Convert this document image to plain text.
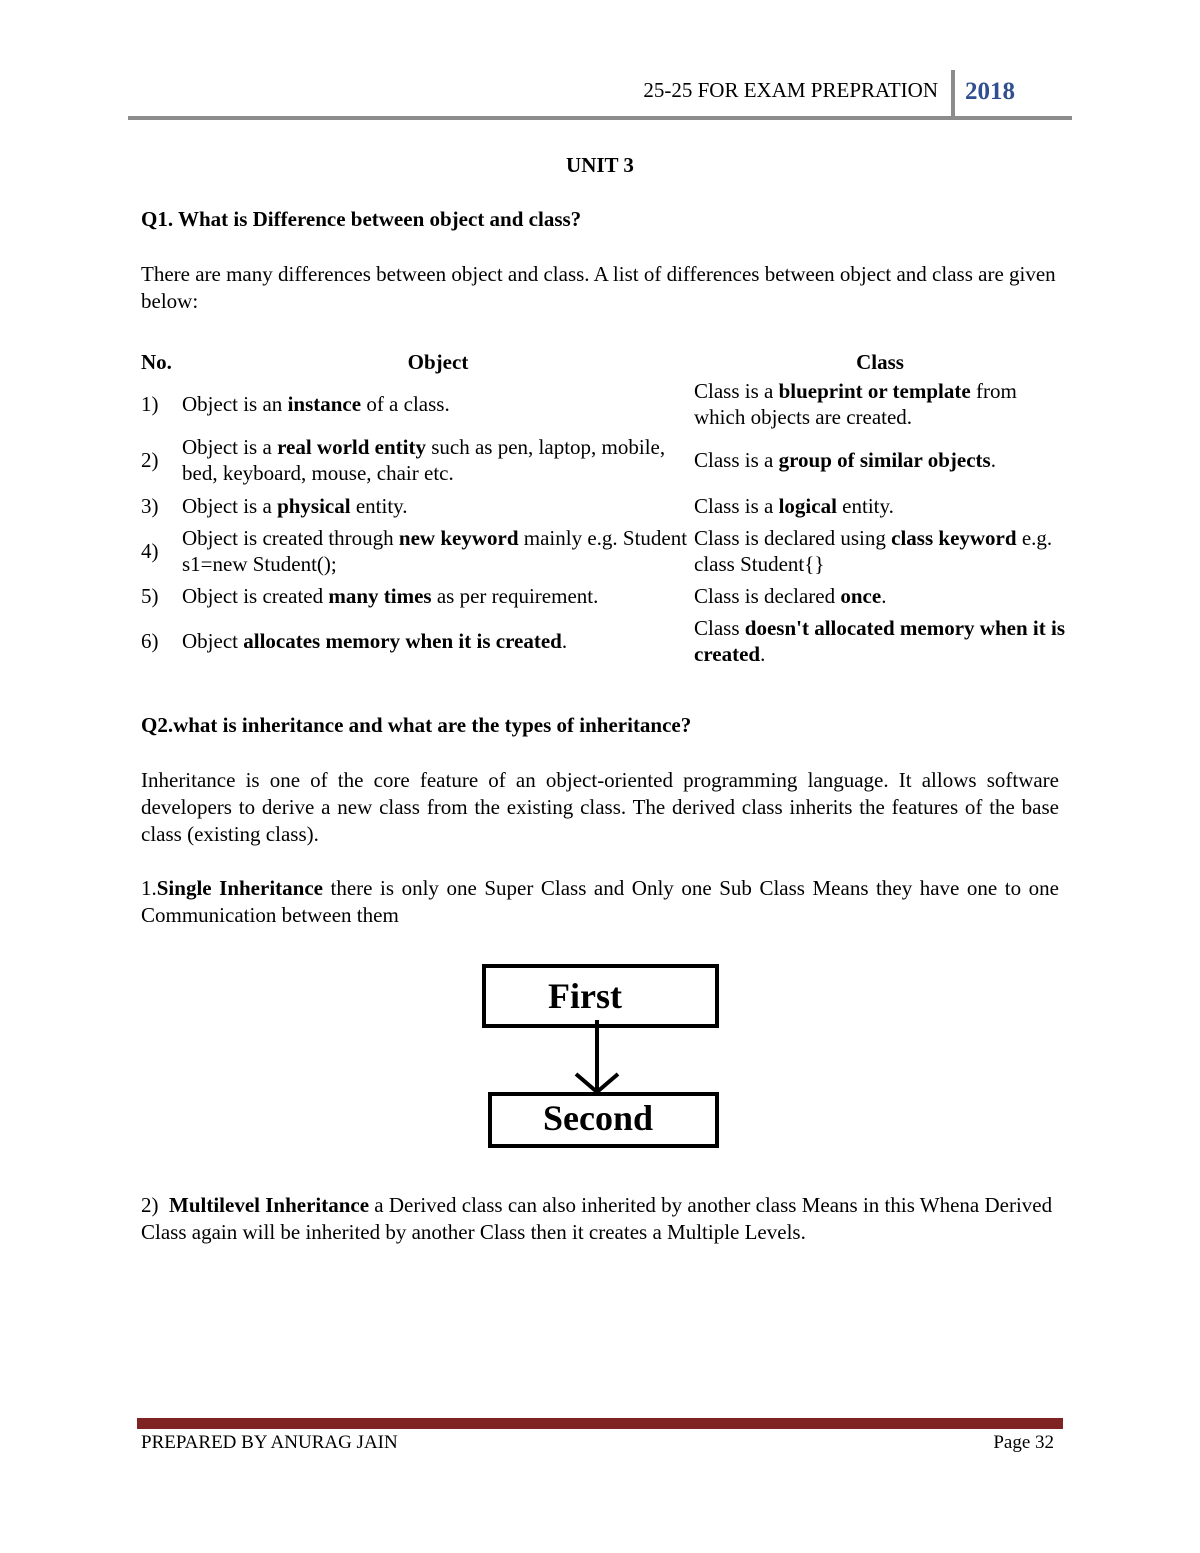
25-25 FOR EXAM PREPRATION 2018
UNIT 3
Q1. What is Difference between object and class?
There are many differences between object and class. A list of differences between object and class are given below:
No.	Object	Class
1)	Object is an instance of a class.	Class is a blueprint or template from which objects are created.
2)	Object is a real world entity such as pen, laptop, mobile, bed, keyboard, mouse, chair etc.	Class is a group of similar objects.
3)	Object is a physical entity.	Class is a logical entity.
4)	Object is created through new keyword mainly e.g. Student s1=new Student();	Class is declared using class keyword e.g. class Student{}
5)	Object is created many times as per requirement.	Class is declared once.
6)	Object allocates memory when it is created.	Class doesn't allocated memory when it is created.
Q2.what is inheritance and what are the types of inheritance?
Inheritance is one of the core feature of an object-oriented programming language. It allows software developers to derive a new class from the existing class. The derived class inherits the features of the base class (existing class).
1.Single Inheritance there is only one Super Class and Only one Sub Class Means they have one to one Communication between them
First
Second
2)  Multilevel Inheritance a Derived class can also inherited by another class Means in this Whena Derived Class again will be inherited by another Class then it creates a Multiple Levels.
PREPARED BY ANURAG JAIN	Page 32
